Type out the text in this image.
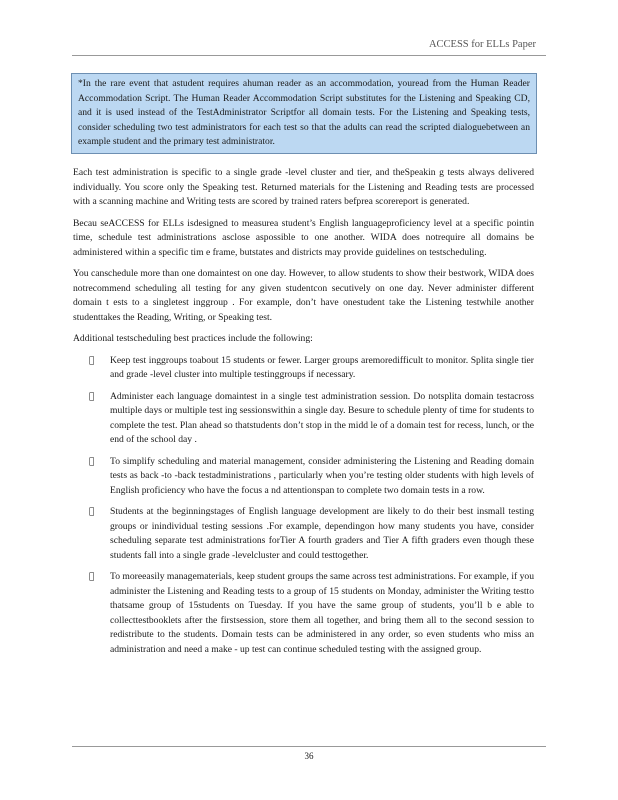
ACCESS for ELLs Paper
*In the rare event that astudent requires ahuman reader as an accommodation, youread from the Human Reader Accommodation Script. The Human Reader Accommodation Script substitutes for the Listening and Speaking CD, and it is used instead of the TestAdministrator Scriptfor all domain tests. For the Listening and Speaking tests, consider scheduling two test administrators for each test so that the adults can read the scripted dialoguebetween an example student and the primary test administrator.

Each test administration is specific to a single grade -level cluster and tier, and theSpeakin g tests always delivered individually. You score only the Speaking test. Returned materials for the Listening and Reading tests are processed with a scanning machine and Writing tests are scored by trained raters befprea scorereport is generated.

Becau seACCESS for ELLs isdesigned to measurea student’s English languageproficiency level at a specific pointin time, schedule test administrations asclose aspossible to one another. WIDA does notrequire all domains be administered within a specific tim e frame, butstates and districts may provide guidelines on testscheduling.

You canschedule more than one domaintest on one day. However, to allow students to show their bestwork, WIDA does notrecommend scheduling all testing for any given studentcon secutively on one day. Never administer different domain t ests to a singletest inggroup . For example, don’t have onestudent take the Listening testwhile another studenttakes the Reading, Writing, or Speaking test.

Additional testscheduling best practices include the following:

Keep test inggroups toabout 15 students or fewer. Larger groups aremoredifficult to monitor. Splita single tier and grade -level cluster into multiple testinggroups if necessary.
Administer each language domaintest in a single test administration session. Do notsplita domain testacross multiple days or multiple test ing sessionswithin a single day. Besure to schedule plenty of time for students to complete the test. Plan ahead so thatstudents don’t stop in the midd le of a domain test for recess, lunch, or the end of the school day .
To simplify scheduling and material management, consider administering the Listening and Reading domain tests as back -to -back testadministrations , particularly when you’re testing older students with high levels of English proficiency who have the focus a nd attentionspan to complete two domain tests in a row.
Students at the beginningstages of English language development are likely to do their best insmall testing groups or inindividual testing sessions .For example, dependingon how many students you have, consider scheduling separate test administrations forTier A fourth graders and Tier A fifth graders even though these students fall into a single grade -levelcluster and could testtogether.
To moreeasily managematerials, keep student groups the same across test administrations. For example, if you administer the Listening and Reading tests to a group of 15 students on Monday, administer the Writing testto thatsame group of 15students on Tuesday. If you have the same group of students, you’ll b e able to collecttestbooklets after the firstsession, store them all together, and bring them all to the second session to redistribute to the students. Domain tests can be administered in any order, so even students who miss an administration and need a make - up test can continue scheduled testing with the assigned group.
36
